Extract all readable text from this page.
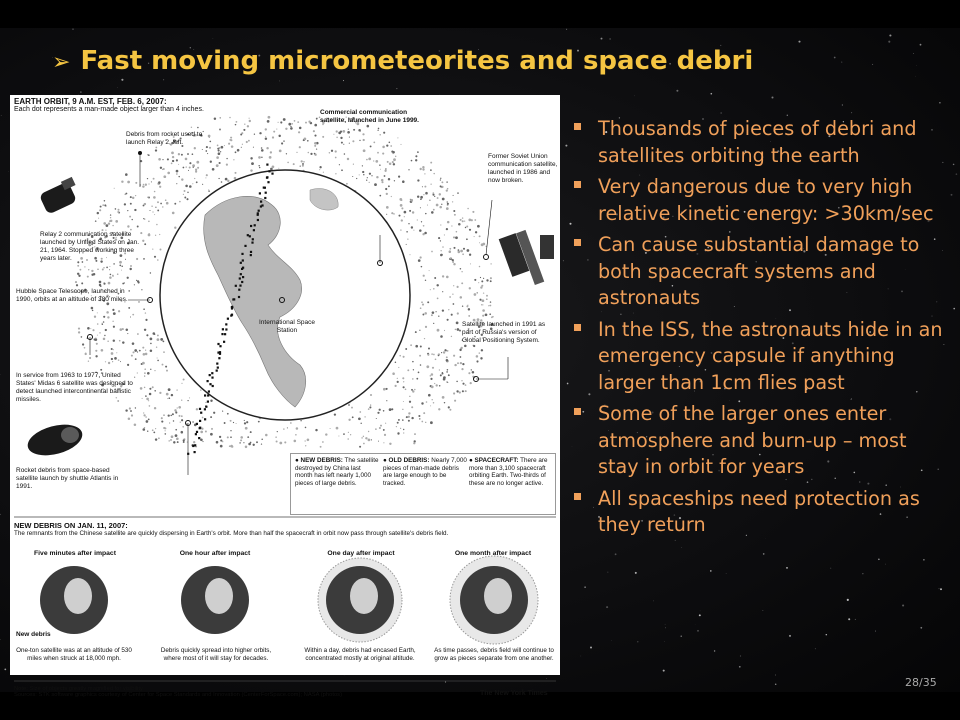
➢ Fast moving micrometeorites and space debri
EARTH ORBIT, 9 A.M. EST, FEB. 6, 2007:
Each dot represents a man-made object larger than 4 inches.
Debris from rocket used to launch Relay 2, left.
Commercial communication satellite, launched in June 1999.
Former Soviet Union communication satellite, launched in 1986 and now broken.
Relay 2 communication satellite launched by United States on Jan. 21, 1964. Stopped working three years later.
Hubble Space Telescope, launched in 1990, orbits at an altitude of 380 miles.
International Space Station
Satellite launched in 1991 as part of Russia's version of Global Positioning System.
In service from 1963 to 1977, United States' Midas 6 satellite was designed to detect launched intercontinental ballistic missiles.
Rocket debris from space-based satellite launch by shuttle Atlantis in 1991.
● NEW DEBRIS: The satellite destroyed by China last month has left nearly 1,000 pieces of large debris.
● OLD DEBRIS: Nearly 7,000 pieces of man-made debris are large enough to be tracked.
● SPACECRAFT: There are more than 3,100 spacecraft orbiting Earth. Two-thirds of these are no longer active.
NEW DEBRIS ON JAN. 11, 2007:
The remnants from the Chinese satellite are quickly dispersing in Earth's orbit. More than half the spacecraft in orbit now pass through satellite's debris field.
Five minutes after impact	One hour after impact	One day after impact	One month after impact
New debris
One-ton satellite was at an altitude of 530 miles when struck at 18,000 mph.
Debris quickly spread into higher orbits, where most of it will stay for decades.
Within a day, debris had encased Earth, concentrated mostly at original altitude.
As time passes, debris field will continue to grow as pieces separate from one another.
Note: Size of objects greatly magnified for visibility
Sources: STK software graphics courtesy of Center for Space Standards and Innovation (CenterForSpace.com); NASA (photos)	The New York Times
Thousands of pieces of debri and satellites orbiting the earth
Very dangerous due to very high relative kinetic energy: >30km/sec
Can cause substantial damage to both spacecraft systems and astronauts
In the ISS, the astronauts hide in an emergency capsule if anything larger than 1cm flies past
Some of the larger ones enter atmosphere and burn-up – most stay in orbit for years
All spaceships need protection as they return
28/35
